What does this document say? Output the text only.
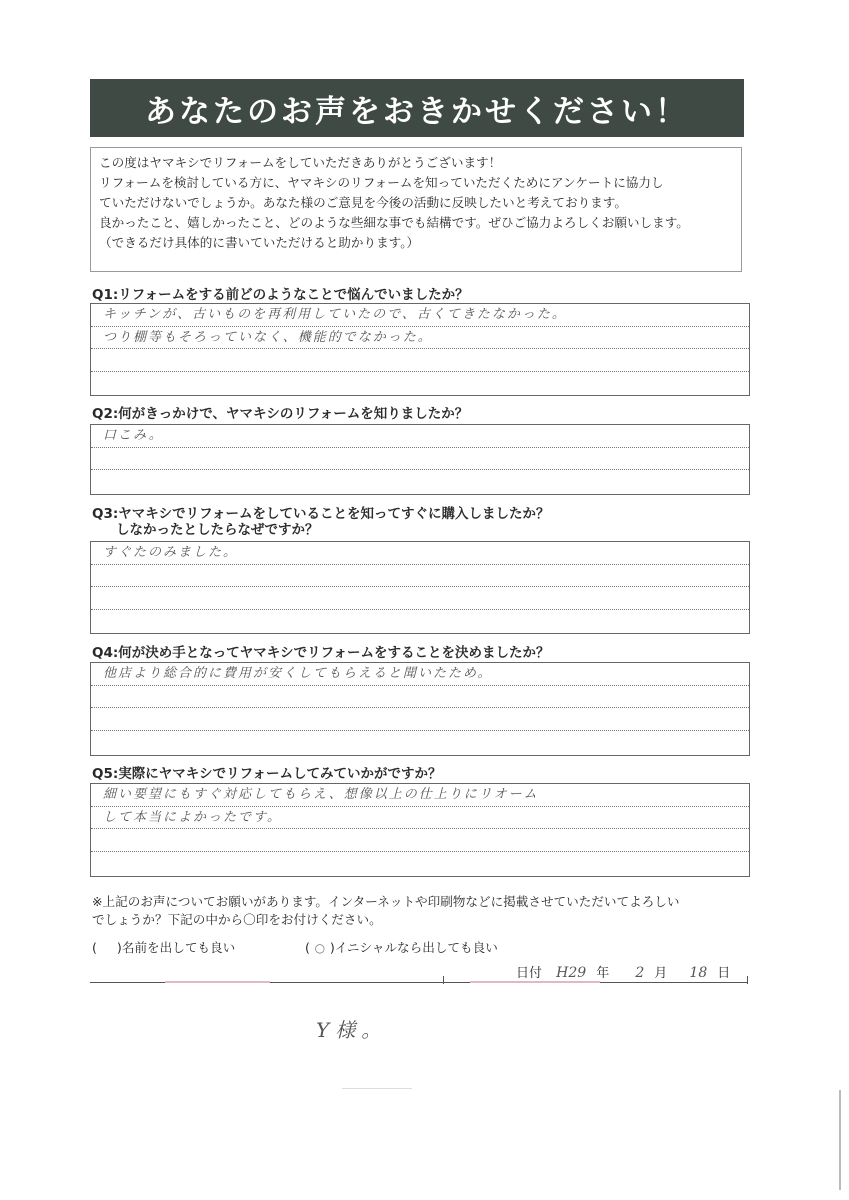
あなたのお声をおきかせください！

この度はヤマキシでリフォームをしていただきありがとうございます！

リフォームを検討している方に、ヤマキシのリフォームを知っていただくためにアンケートに協力し

ていただけないでしょうか。あなた様のご意見を今後の活動に反映したいと考えております。

良かったこと、嬉しかったこと、どのような些細な事でも結構です。ぜひご協力よろしくお願いします。

（できるだけ具体的に書いていただけると助かります。）

Q1:リフォームをする前どのようなことで悩んでいましたか？
キッチンが、古いものを再利用していたので、古くてきたなかった。
つり棚等もそろっていなく、機能的でなかった。
Q2:何がきっかけで、ヤマキシのリフォームを知りましたか？
口こみ。
Q3:ヤマキシでリフォームをしていることを知ってすぐに購入しましたか？
しなかったとしたらなぜですか？
すぐたのみました。
Q4:何が決め手となってヤマキシでリフォームをすることを決めましたか？
他店より総合的に費用が安くしてもらえると聞いたため。
Q5:実際にヤマキシでリフォームしてみていかがですか？
細い要望にもすぐ対応してもらえ、想像以上の仕上りにリオーム
して本当によかったです。

※上記のお声についてお願いがあります。インターネットや印刷物などに掲載させていただいてよろしい

でしょうか？下記の中から〇印をお付けください。

( )名前を出しても良い	( ○ )イニシャルなら出しても良い
日付 H29 年 2 月 18 日
Y様。
